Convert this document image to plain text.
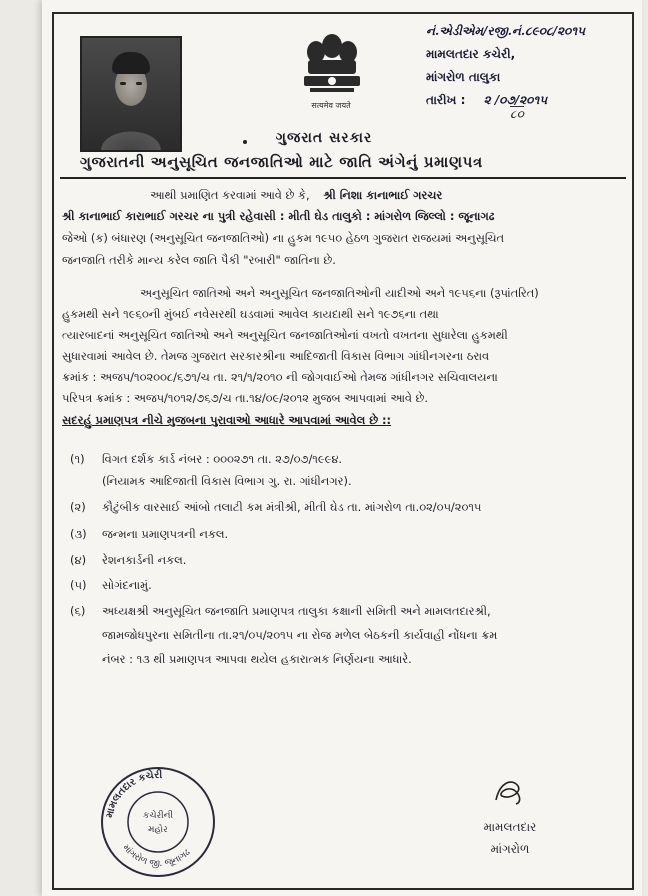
सत्यमेव जयते
નં.એડીએમ/રજી.નં.૮૯૦૮/૨૦૧૫
મામલતદાર કચેરી,
માંગરોળ તાલુકા
તારીખ : ૨ /૦૭/૨૦૧૫
૮૦
ગુજરાત સરકાર
ગુજરાતની અનુસૂચિત જનજાતિઓ માટે જાતિ અંગેનું પ્રમાણપત્ર
આથી પ્રમાણિત કરવામાં આવે છે કે, શ્રી નિશા કાનાભાઈ ગરચર
શ્રી કાનાભાઈ કારાભાઈ ગરચર ના પુત્રી રહેવાસી : મીતી ઘેડ તાલુકો : માંગરોળ જિલ્લો : જૂનાગઢ
જેઓ (ક) બંધારણ (અનુસૂચિત જનજાતિઓ) ના હુકમ ૧૯૫૦ હેઠળ ગુજરાત રાજયમાં અનુસૂચિત
જનજાતિ તરીકે માન્ય કરેલ જાતિ પૈકી "રબારી" જાતિના છે.
અનુસૂચિત જાતિઓ અને અનુસૂચિત જનજાતિઓની યાદીઓ અને ૧૯૫૬ના (રૂપાંતરિત)
હુકમથી સને ૧૯૬૦ની મુંબઈ નવેસરથી ઘડવામાં આવેલ કાયદાથી સને ૧૯૭૬ના તથા
ત્યારબાદનાં અનુસૂચિત જાતિઓ અને અનુસૂચિત જનજાતિઓનાં વખતો વખતના સુધારેલા હુકમથી
સુધારવામાં આવેલ છે. તેમજ ગુજરાત સરકારશ્રીના આદિજાતી વિકાસ વિભાગ ગાંધીનગરના ઠરાવ
ક્રમાંક : અજપ/૧૦૨૦૦૮/૬૭૧/ચ તા. ૨૧/૧/૨૦૧૦ ની જોગવાઈઓ તેમજ ગાંધીનગર સચિવાલયના
પરિપત્ર ક્રમાંક : અજપ/૧૦૧૨/૭૬૭/ચ તા.૧૪/૦૯/૨૦૧૨ મુજબ આપવામાં આવે છે.
સદરહું પ્રમાણપત્ર નીચે મુજબના પુરાવાઓ આધારે આપવામાં આવેલ છે ::
(૧) વિગત દર્શક કાર્ડ નંબર : ૦૦૦૨૭૧ તા. ૨૭/૦૭/૧૯૯૪.
(નિયામક આદિજાતી વિકાસ વિભાગ ગુ. રા. ગાંધીનગર).
(૨) કૌટુંબીક વારસાઈ આંબો તલાટી કમ મંત્રીશ્રી, મીતી ઘેડ તા. માંગરોળ તા.૦૨/૦૫/૨૦૧૫
(૩) જન્મના પ્રમાણપત્રની નકલ.
(૪) રેશનકાર્ડની નકલ.
(૫) સોગંદનામું.
(૬) અધ્યક્ષશ્રી અનુસૂચિત જનજાતિ પ્રમાણપત્ર તાલુકા કક્ષાની સમિતી અને મામલતદારશ્રી,
જામજોધપુરના સમિતીના તા.૨૧/૦૫/૨૦૧૫ ના રોજ મળેલ બેઠકની કાર્યવાહી નોંધના ક્રમ
નંબર : ૧૩ થી પ્રમાણપત્ર આપવા થયેલ હકારાત્મક નિર્ણયના આધારે.
મામલતદાર કચેરી
માંગરોળ જી. જૂનાગઢ
કચેરીની
મહોર	મામલતદાર
માંગરોળ
